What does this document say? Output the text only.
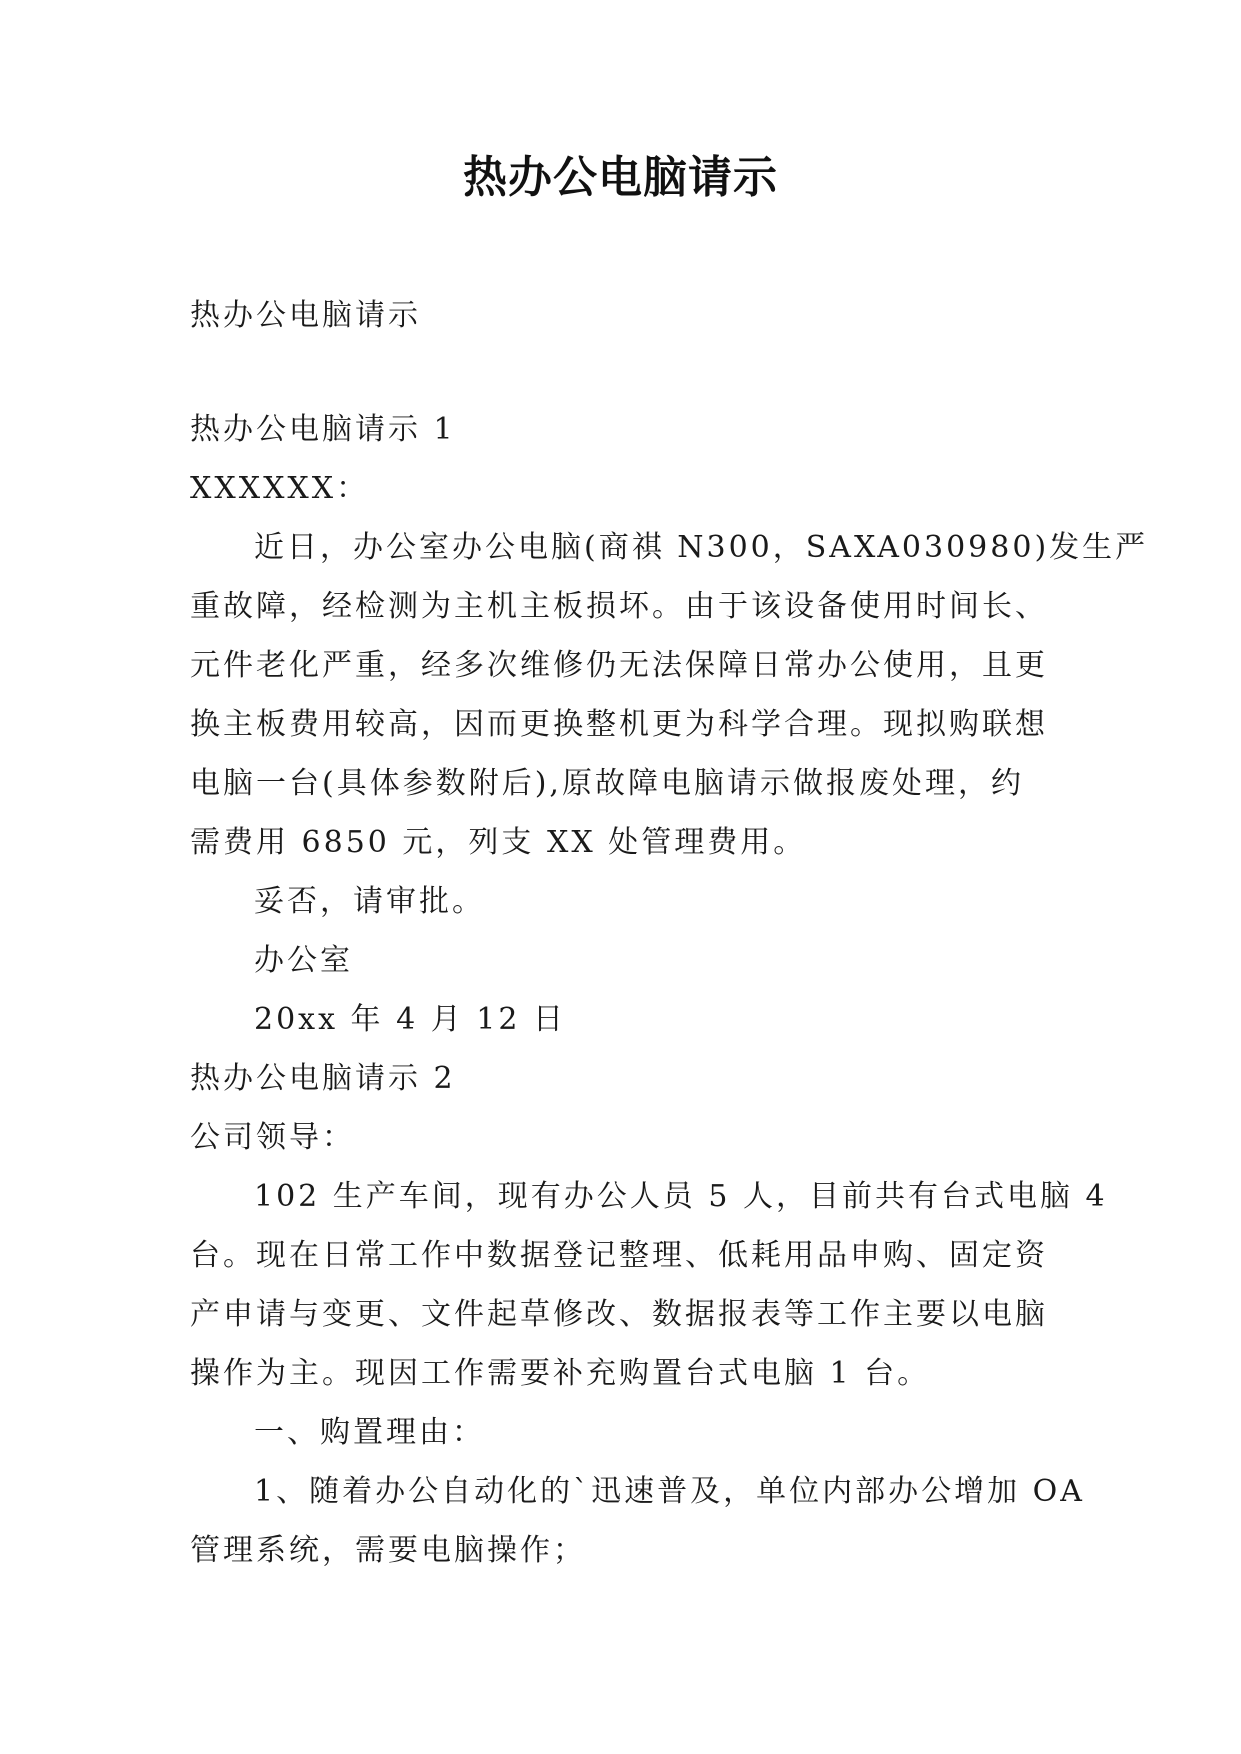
热办公电脑请示
热办公电脑请示
热办公电脑请示 1
XXXXXX：
近日，办公室办公电脑(商祺 N300，SAXA030980)发生严
重故障，经检测为主机主板损坏。由于该设备使用时间长、
元件老化严重，经多次维修仍无法保障日常办公使用，且更
换主板费用较高，因而更换整机更为科学合理。现拟购联想
电脑一台(具体参数附后),原故障电脑请示做报废处理，约
需费用 6850 元，列支 XX 处管理费用。
妥否，请审批。
办公室
20xx 年 4 月 12 日
热办公电脑请示 2
公司领导：
102 生产车间，现有办公人员 5 人，目前共有台式电脑 4
台。现在日常工作中数据登记整理、低耗用品申购、固定资
产申请与变更、文件起草修改、数据报表等工作主要以电脑
操作为主。现因工作需要补充购置台式电脑 1 台。
一、购置理由：
1、随着办公自动化的`迅速普及，单位内部办公增加 OA
管理系统，需要电脑操作；
